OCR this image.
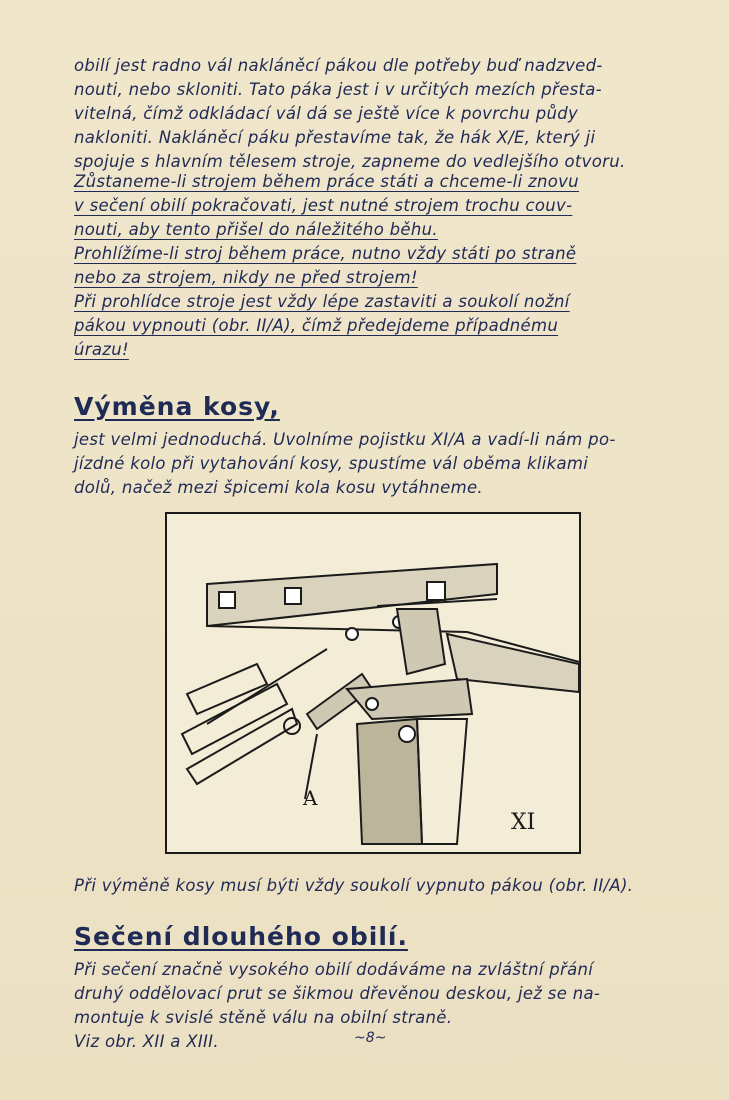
obilí jest radno vál nakláněcí pákou dle potřeby buď nadzved-
nouti, nebo skloniti. Tato páka jest i v určitých mezích přesta-
vitelná, čímž odkládací vál dá se ještě více k povrchu půdy
nakloniti. Nakláněcí páku přestavíme tak, že hák X/E, který ji
spojuje s hlavním tělesem stroje, zapneme do vedlejšího otvoru.
Zůstaneme-li strojem během práce státi a chceme-li znovu
v sečení obilí pokračovati, jest nutné strojem trochu couv-
nouti, aby tento přišel do náležitého běhu.
Prohlížíme-li stroj během práce, nutno vždy státi po straně
nebo za strojem, nikdy ne před strojem!
Při prohlídce stroje jest vždy lépe zastaviti a soukolí nožní
pákou vypnouti (obr. II/A), čímž předejdeme případnému
úrazu!
Výměna kosy,
jest velmi jednoduchá. Uvolníme pojistku XI/A a vadí-li nám po-
jízdné kolo při vytahování kosy, spustíme vál oběma klikami
dolů, načež mezi špicemi kola kosu vytáhneme.
A
XI
Při výměně kosy musí býti vždy soukolí vypnuto pákou (obr. II/A).
Sečení dlouhého obilí.
Při sečení značně vysokého obilí dodáváme na zvláštní přání
druhý oddělovací prut se šikmou dřevěnou deskou, jež se na-
montuje k svislé stěně válu na obilní straně.
Viz obr. XII a XIII.	~8~
